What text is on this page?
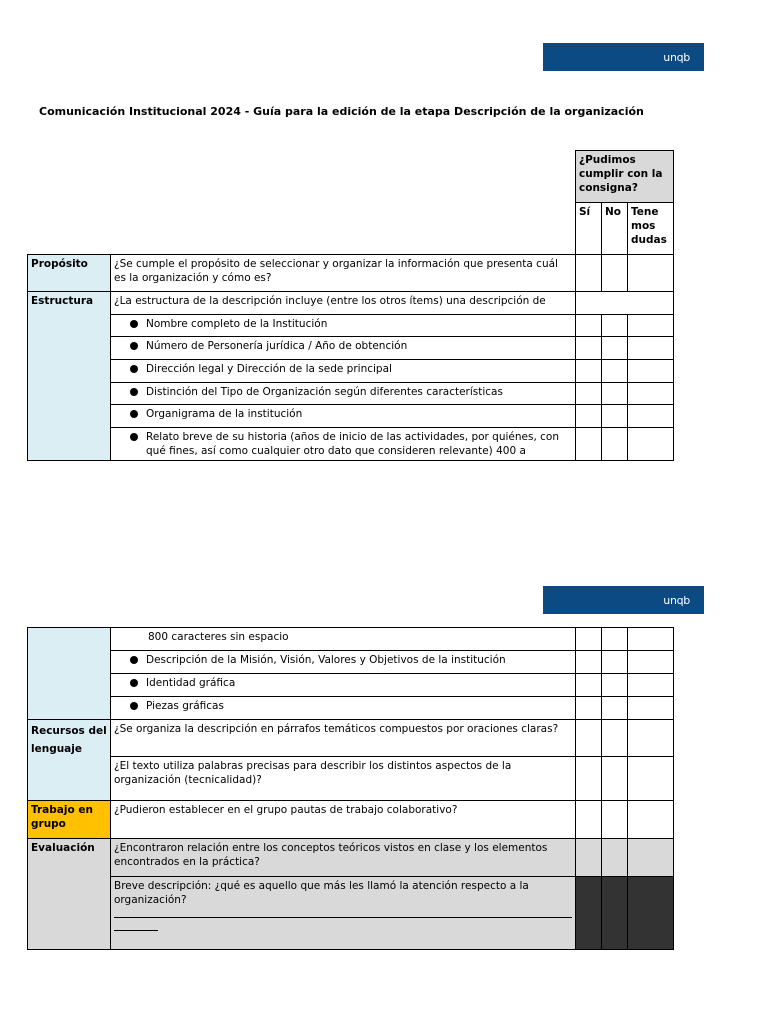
unqb
Comunicación Institucional 2024 - Guía para la edición de la etapa Descripción de la organización
		¿Pudimos cumplir con la consigna?		
		Sí	No	Tene mos dudas
Propósito	¿Se cumple el propósito de seleccionar y organizar la información que presenta cuál es la organización y cómo es?			
Estructura	¿La estructura de la descripción incluye (entre los otros ítems) una descripción de			

	Nombre completo de la Institución			

	Número de Personería jurídica / Año de obtención			

	Dirección legal y Dirección de la sede principal			

	Distinción del Tipo de Organización según diferentes características			

	Organigrama de la institución			

	Relato breve de su historia (años de inicio de las actividades, por quiénes, con qué fines, así como cualquier otro dato que consideren relevante) 400 a			

unqb

	800 caracteres sin espacio			

	Descripción de la Misión, Visión, Valores y Objetivos de la institución			

	Identidad gráfica			

	Piezas gráficas			

Recursos del lenguaje	¿Se organiza la descripción en párrafos temáticos compuestos por oraciones claras?			
	¿El texto utiliza palabras precisas para describir los distintos aspectos de la organización (tecnicalidad)?			
Trabajo en grupo	¿Pudieron establecer en el grupo pautas de trabajo colaborativo?			
Evaluación	¿Encontraron relación entre los conceptos teóricos vistos en clase y los elementos encontrados en la práctica?			

	Breve descripción: ¿qué es aquello que más les llamó la atención respecto a la organización?			
